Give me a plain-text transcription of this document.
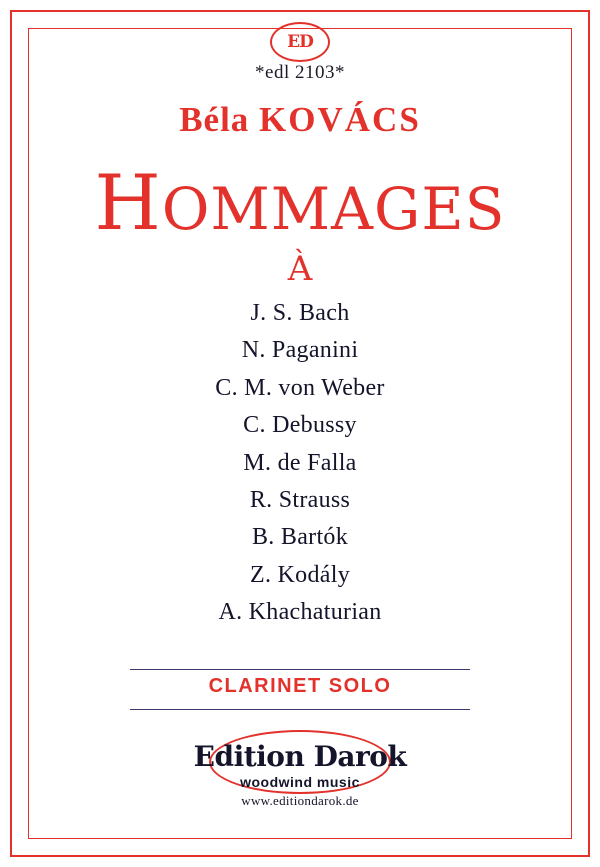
ED
*edl 2103*
Béla KOVÁCS
HOMMAGES
À
J. S. Bach
N. Paganini
C. M. von Weber
C. Debussy
M. de Falla
R. Strauss
B. Bartók
Z. Kodály
A. Khachaturian
CLARINET SOLO
Edition Darok
woodwind music
www.editiondarok.de
